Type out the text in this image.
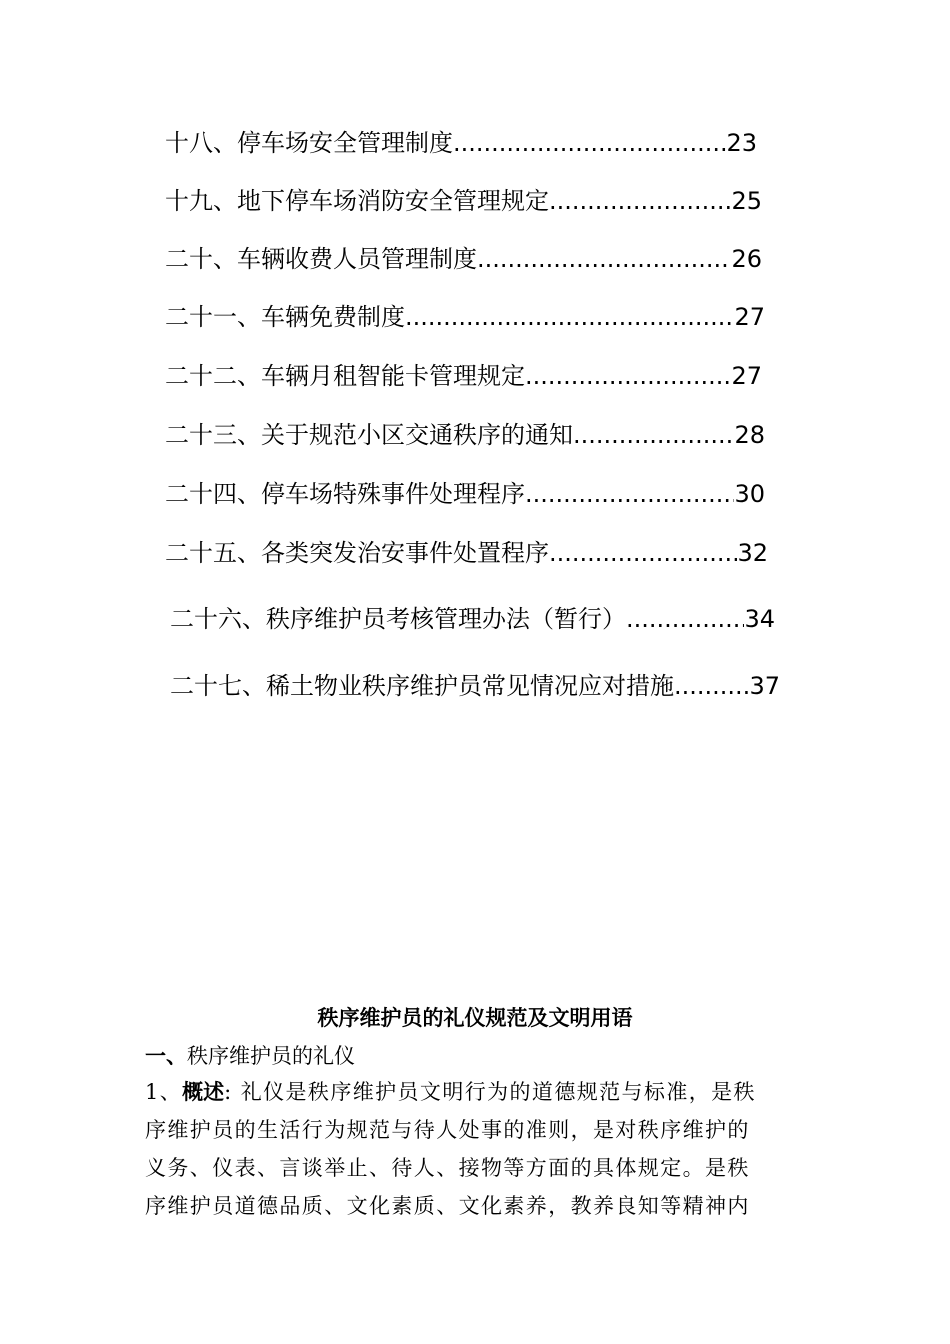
十八、停车场安全管理制度 .....	23
十九、地下停车场消防安全管理规定 .....	25
二十、车辆收费人员管理制度 .....	26
二十一、车辆免费制度 .....	27
二十二、车辆月租智能卡管理规定 .....	27
二十三、关于规范小区交通秩序的通知 .....	28
二十四、停车场特殊事件处理程序 .....	30
二十五、各类突发治安事件处置程序 .....	32
二十六、秩序维护员考核管理办法（暂行） .....	34
二十七、稀土物业秩序维护员常见情况应对措施 .....	37
秩序维护员的礼仪规范及文明用语
一、秩序维护员的礼仪
1、概述: 礼仪是秩序维护员文明行为的道德规范与标准，是秩
序维护员的生活行为规范与待人处事的准则，是对秩序维护的
义务、仪表、言谈举止、待人、接物等方面的具体规定。是秩
序维护员道德品质、文化素质、文化素养，教养良知等精神内
